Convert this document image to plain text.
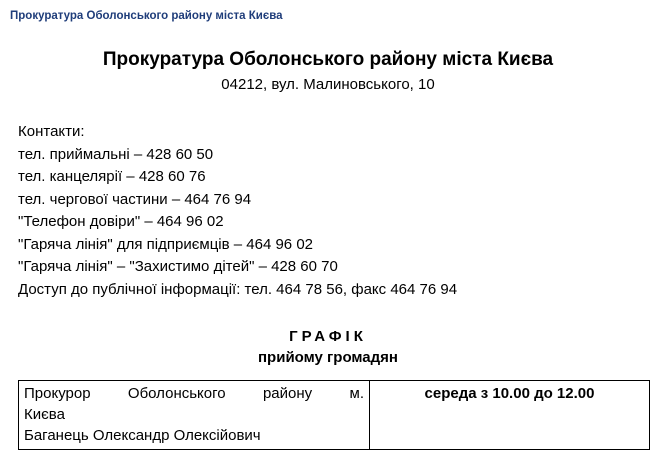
Прокуратура Оболонського району міста Києва
Прокуратура Оболонського району міста Києва
04212, вул. Малиновського, 10
Контакти:
тел. приймальні – 428 60 50
тел. канцелярії – 428 60 76
тел. чергової частини – 464 76 94
"Телефон довіри" – 464 96 02
"Гаряча лінія" для підприємців – 464 96 02
"Гаряча лінія" – "Захистимо дітей" – 428 60 70
Доступ до публічної інформації: тел. 464 78 56, факс 464 76 94
ГРАФІК
прийому громадян
Прокурор Оболонського району м.
Києва
Баганець Олександр Олексійович
	середа з 10.00 до 12.00
